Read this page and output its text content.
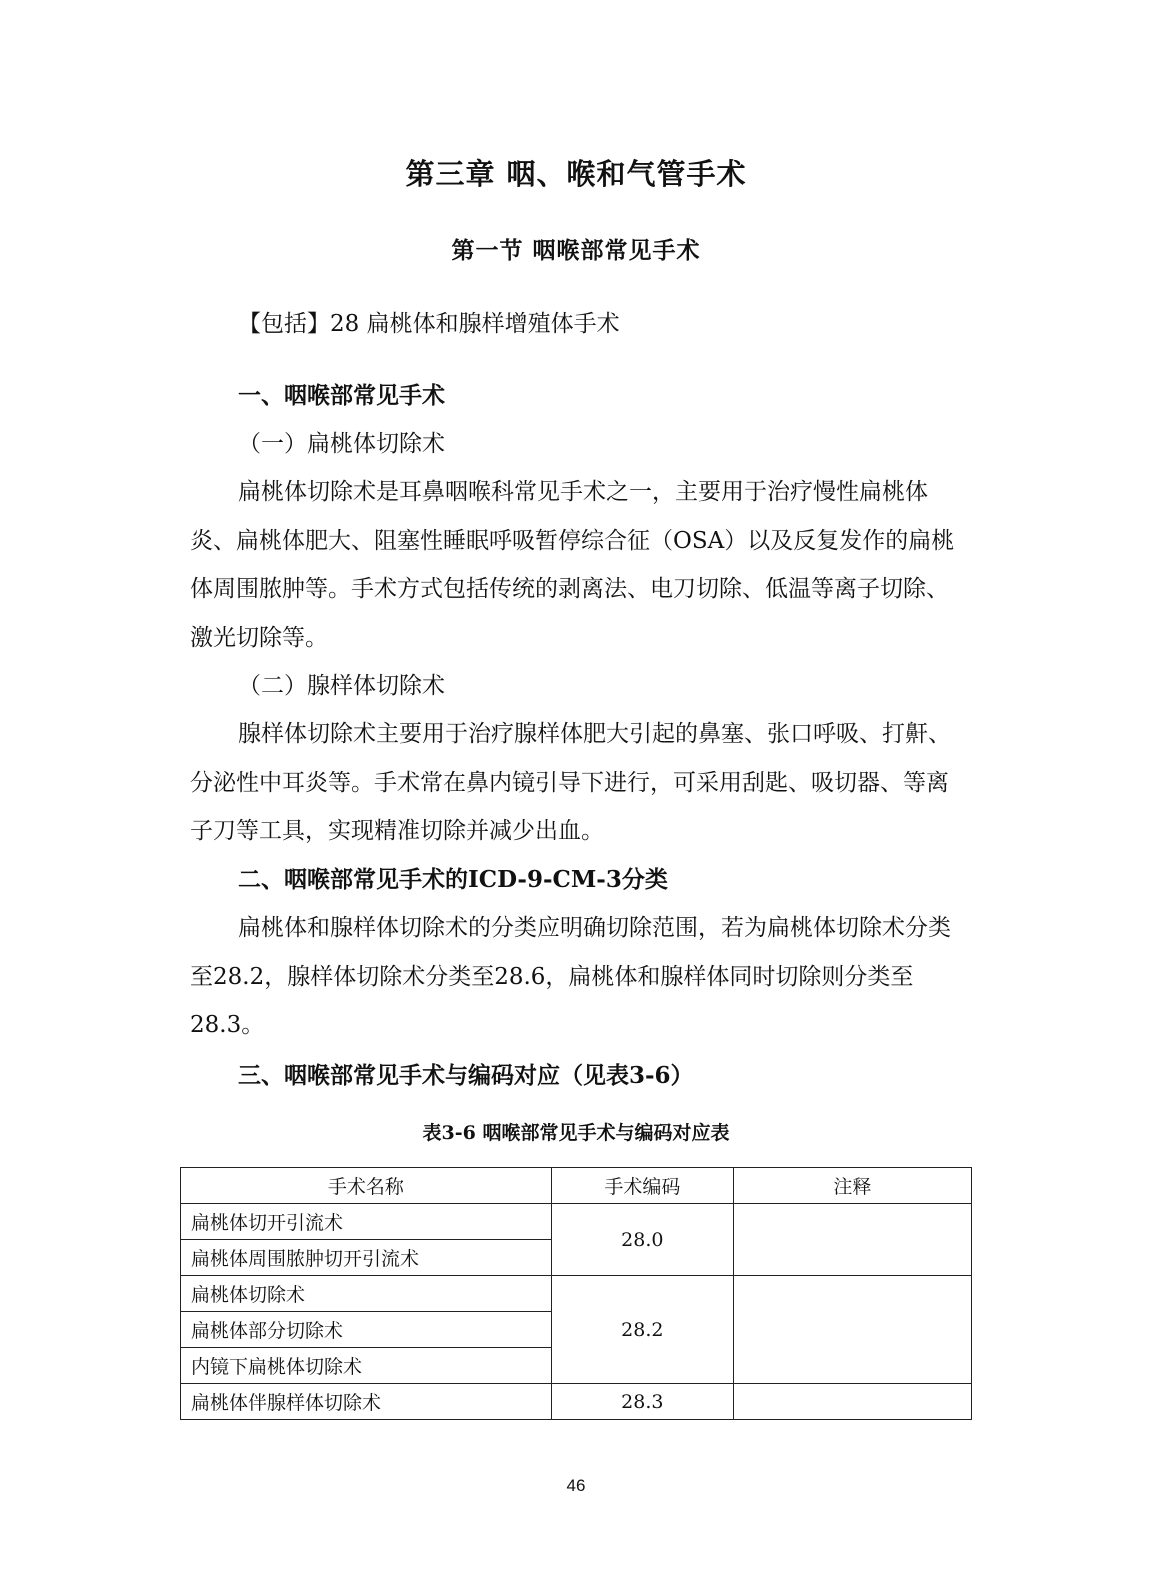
第三章 咽、喉和气管手术
第一节 咽喉部常见手术
【包括】28 扁桃体和腺样增殖体手术
一、咽喉部常见手术
（一）扁桃体切除术
扁桃体切除术是耳鼻咽喉科常见手术之一，主要用于治疗慢性扁桃体炎、扁桃体肥大、阻塞性睡眠呼吸暂停综合征（OSA）以及反复发作的扁桃体周围脓肿等。手术方式包括传统的剥离法、电刀切除、低温等离子切除、激光切除等。
（二）腺样体切除术
腺样体切除术主要用于治疗腺样体肥大引起的鼻塞、张口呼吸、打鼾、分泌性中耳炎等。手术常在鼻内镜引导下进行，可采用刮匙、吸切器、等离子刀等工具，实现精准切除并减少出血。
二、咽喉部常见手术的ICD-9-CM-3分类
扁桃体和腺样体切除术的分类应明确切除范围，若为扁桃体切除术分类至28.2，腺样体切除术分类至28.6，扁桃体和腺样体同时切除则分类至28.3。
三、咽喉部常见手术与编码对应（见表3-6）
表3-6 咽喉部常见手术与编码对应表
手术名称	手术编码	注释
扁桃体切开引流术	28.0	
扁桃体周围脓肿切开引流术		
扁桃体切除术	28.2	
扁桃体部分切除术		
内镜下扁桃体切除术		
扁桃体伴腺样体切除术	28.3	
46
